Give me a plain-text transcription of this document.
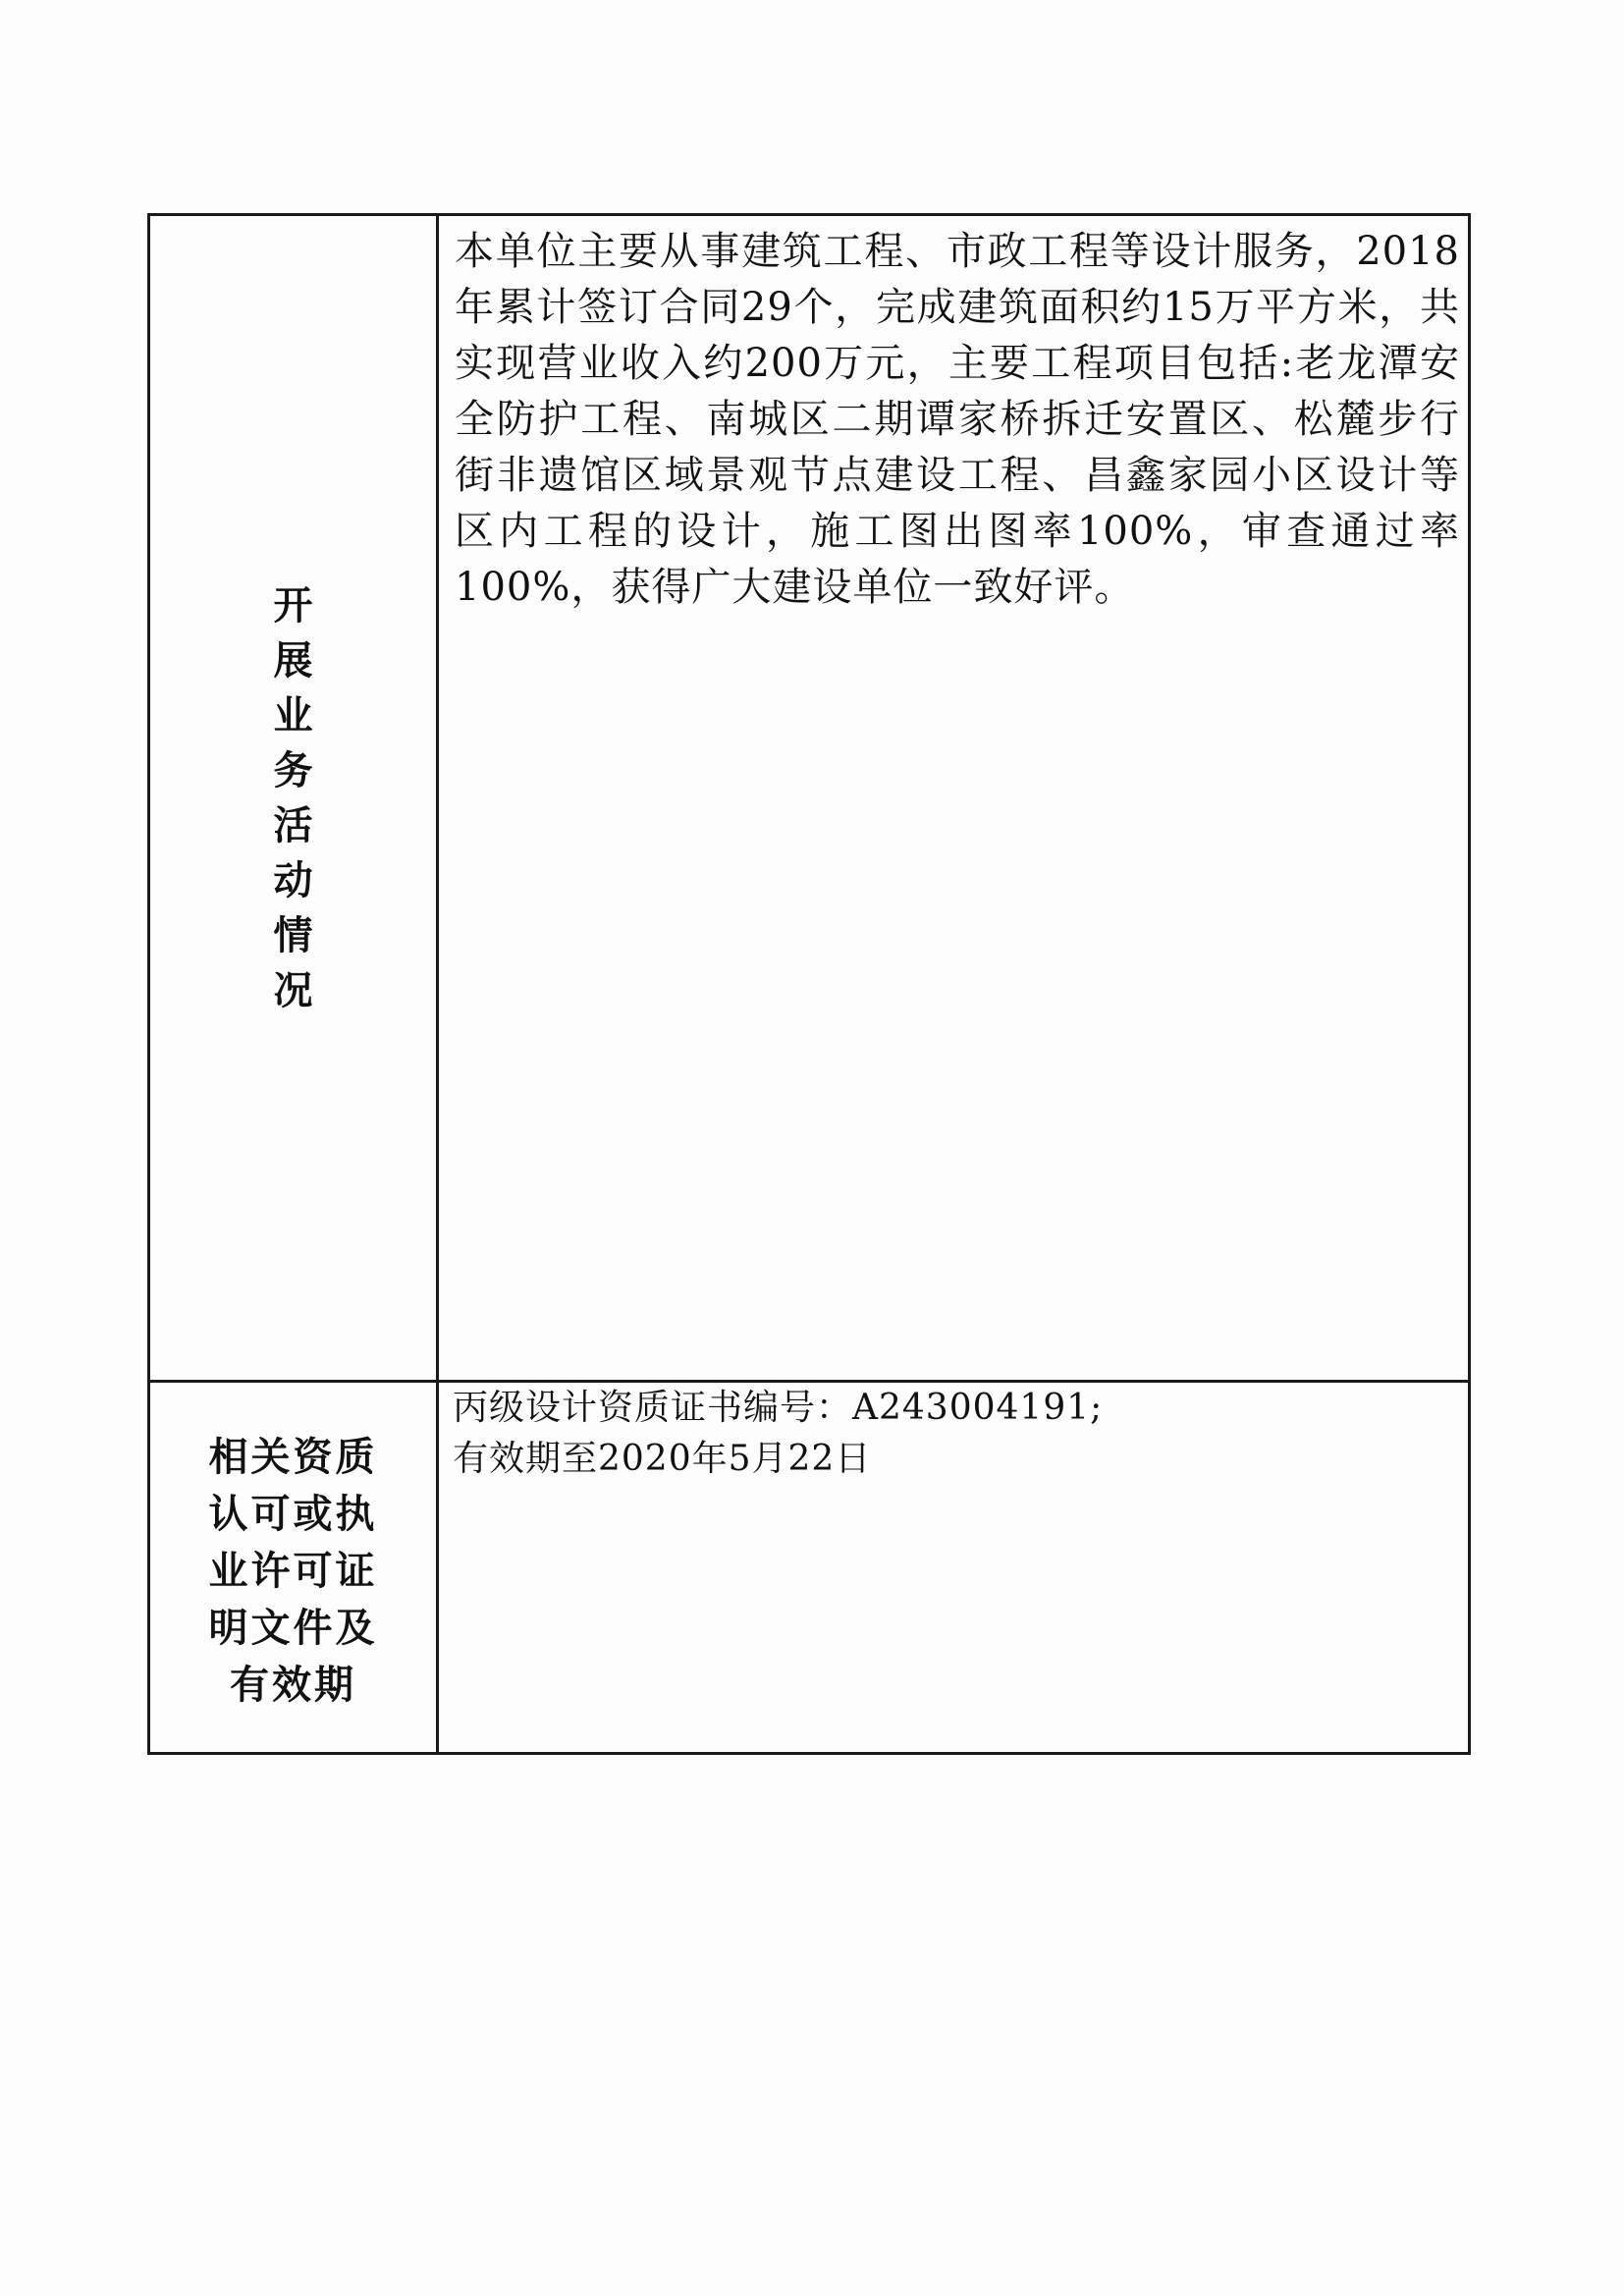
开展业务活动情况
本单位主要从事建筑工程、市政工程等设计服务，2018年累计签订合同29个，完成建筑面积约15万平方米，共实现营业收入约200万元，主要工程项目包括:老龙潭安全防护工程、南城区二期谭家桥拆迁安置区、松麓步行街非遗馆区域景观节点建设工程、昌鑫家园小区设计等区内工程的设计，施工图出图率100%，审查通过率100%，获得广大建设单位一致好评。
相关资质认可或执业许可证明文件及有效期
丙级设计资质证书编号：A243004191;
有效期至2020年5月22日
